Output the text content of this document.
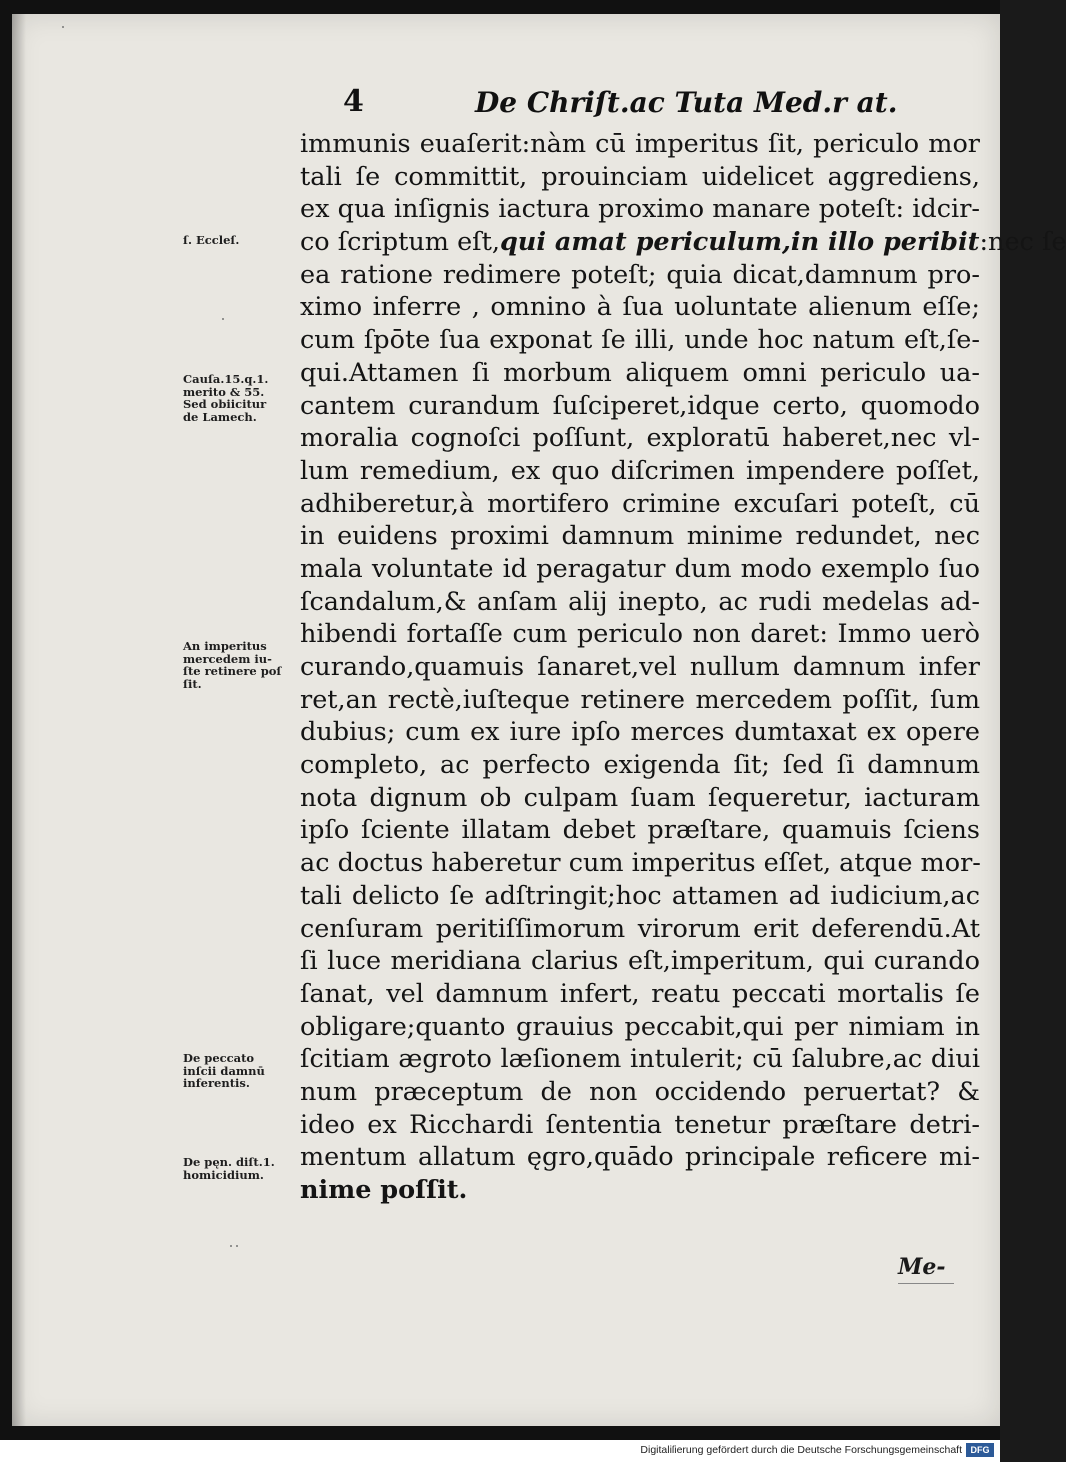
4	De Chriſt.ac Tuta Med.r at.
ſ. Eccleſ.
Cauſa.15.q.1.
merito & 55.
Sed obiicitur
de Lamech.
An imperitus
mercedem iu-
ſte retinere poſ
ſit.
De peccato
inſcii damnū
inferentis.
De pęn. diſt.1.
homicidium.
immunis euaſerit:nàm cū imperitus ſit, periculo mor
tali ſe committit, prouinciam uidelicet aggrediens,
ex qua inſignis iactura proximo manare poteſt: idcir-
co ſcriptum eſt,qui amat periculum,in illo peribit:nec ſe
ea ratione redimere poteſt; quia dicat,damnum pro-
ximo inferre , omnino à ſua uoluntate alienum eſſe;
cum ſpōte ſua exponat ſe illi, unde hoc natum eſt,ſe-
qui.Attamen ſi morbum aliquem omni periculo ua-
cantem curandum ſuſciperet,idque certo, quomodo
moralia cognoſci poſſunt, exploratū haberet,nec vl-
lum remedium, ex quo diſcrimen impendere poſſet,
adhiberetur,à mortifero crimine excuſari poteſt, cū
in euidens proximi damnum minime redundet, nec
mala voluntate id peragatur dum modo exemplo ſuo
ſcandalum,& anſam alij inepto, ac rudi medelas ad-
hibendi fortaſſe cum periculo non daret: Immo uerò
curando,quamuis ſanaret,vel nullum damnum infer
ret,an rectè,iuſteque retinere mercedem poſſit, ſum
dubius; cum ex iure ipſo merces dumtaxat ex opere
completo, ac perfecto exigenda ſit; ſed ſi damnum
nota dignum ob culpam ſuam ſequeretur, iacturam
ipſo ſciente illatam debet præſtare, quamuis ſciens
ac doctus haberetur cum imperitus eſſet, atque mor-
tali delicto ſe adſtringit;hoc attamen ad iudicium,ac
cenſuram peritiſſimorum virorum erit deferendū.At
ſi luce meridiana clarius eſt,imperitum, qui curando
ſanat, vel damnum infert, reatu peccati mortalis ſe
obligare;quanto grauius peccabit,qui per nimiam in
ſcitiam ægroto læſionem intulerit; cū ſalubre,ac diui
num præceptum de non occidendo peruertat? &
ideo ex Ricchardi ſententia tenetur præſtare detri-
mentum allatum ęgro,quādo principale reficere mi-
nime poſſit.
Me-
Digitaliſierung gefördert durch die Deutsche Forschungsgemeinschaft DFG
